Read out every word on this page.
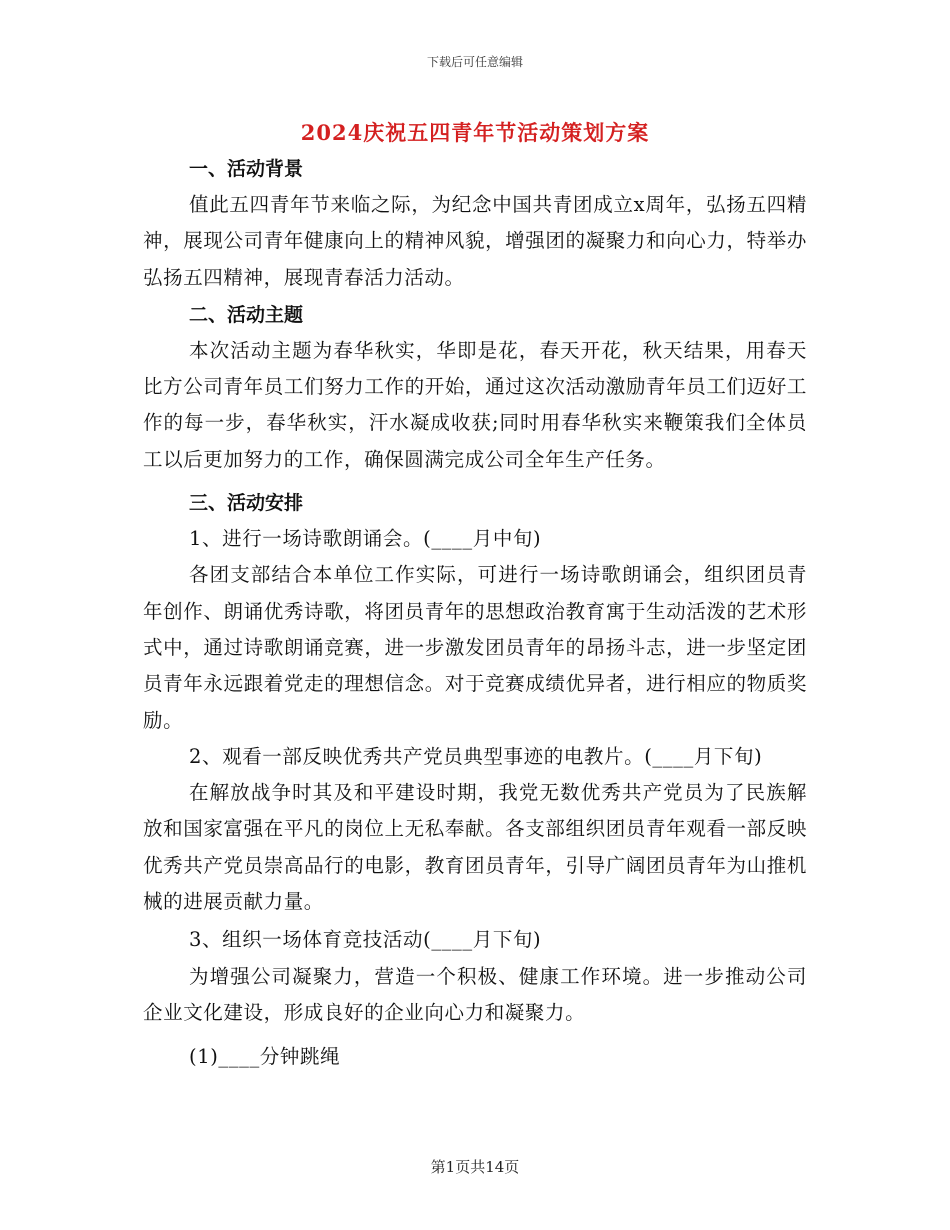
下载后可任意编辑
2024庆祝五四青年节活动策划方案

一、活动背景

值此五四青年节来临之际，为纪念中国共青团成立x周年，弘扬五四精神，展现公司青年健康向上的精神风貌，增强团的凝聚力和向心力，特举办弘扬五四精神，展现青春活力活动。

二、活动主题

本次活动主题为春华秋实，华即是花，春天开花，秋天结果，用春天比方公司青年员工们努力工作的开始，通过这次活动激励青年员工们迈好工作的每一步，春华秋实，汗水凝成收获;同时用春华秋实来鞭策我们全体员工以后更加努力的工作，确保圆满完成公司全年生产任务。

三、活动安排

1、进行一场诗歌朗诵会。(____月中旬)

各团支部结合本单位工作实际，可进行一场诗歌朗诵会，组织团员青年创作、朗诵优秀诗歌，将团员青年的思想政治教育寓于生动活泼的艺术形式中，通过诗歌朗诵竞赛，进一步激发团员青年的昂扬斗志，进一步坚定团员青年永远跟着党走的理想信念。对于竞赛成绩优异者，进行相应的物质奖励。

2、观看一部反映优秀共产党员典型事迹的电教片。(____月下旬)

在解放战争时其及和平建设时期，我党无数优秀共产党员为了民族解放和国家富强在平凡的岗位上无私奉献。各支部组织团员青年观看一部反映优秀共产党员崇高品行的电影，教育团员青年，引导广阔团员青年为山推机械的进展贡献力量。

3、组织一场体育竞技活动(____月下旬)

为增强公司凝聚力，营造一个积极、健康工作环境。进一步推动公司企业文化建设，形成良好的企业向心力和凝聚力。

(1)____分钟跳绳

第1页共14页
